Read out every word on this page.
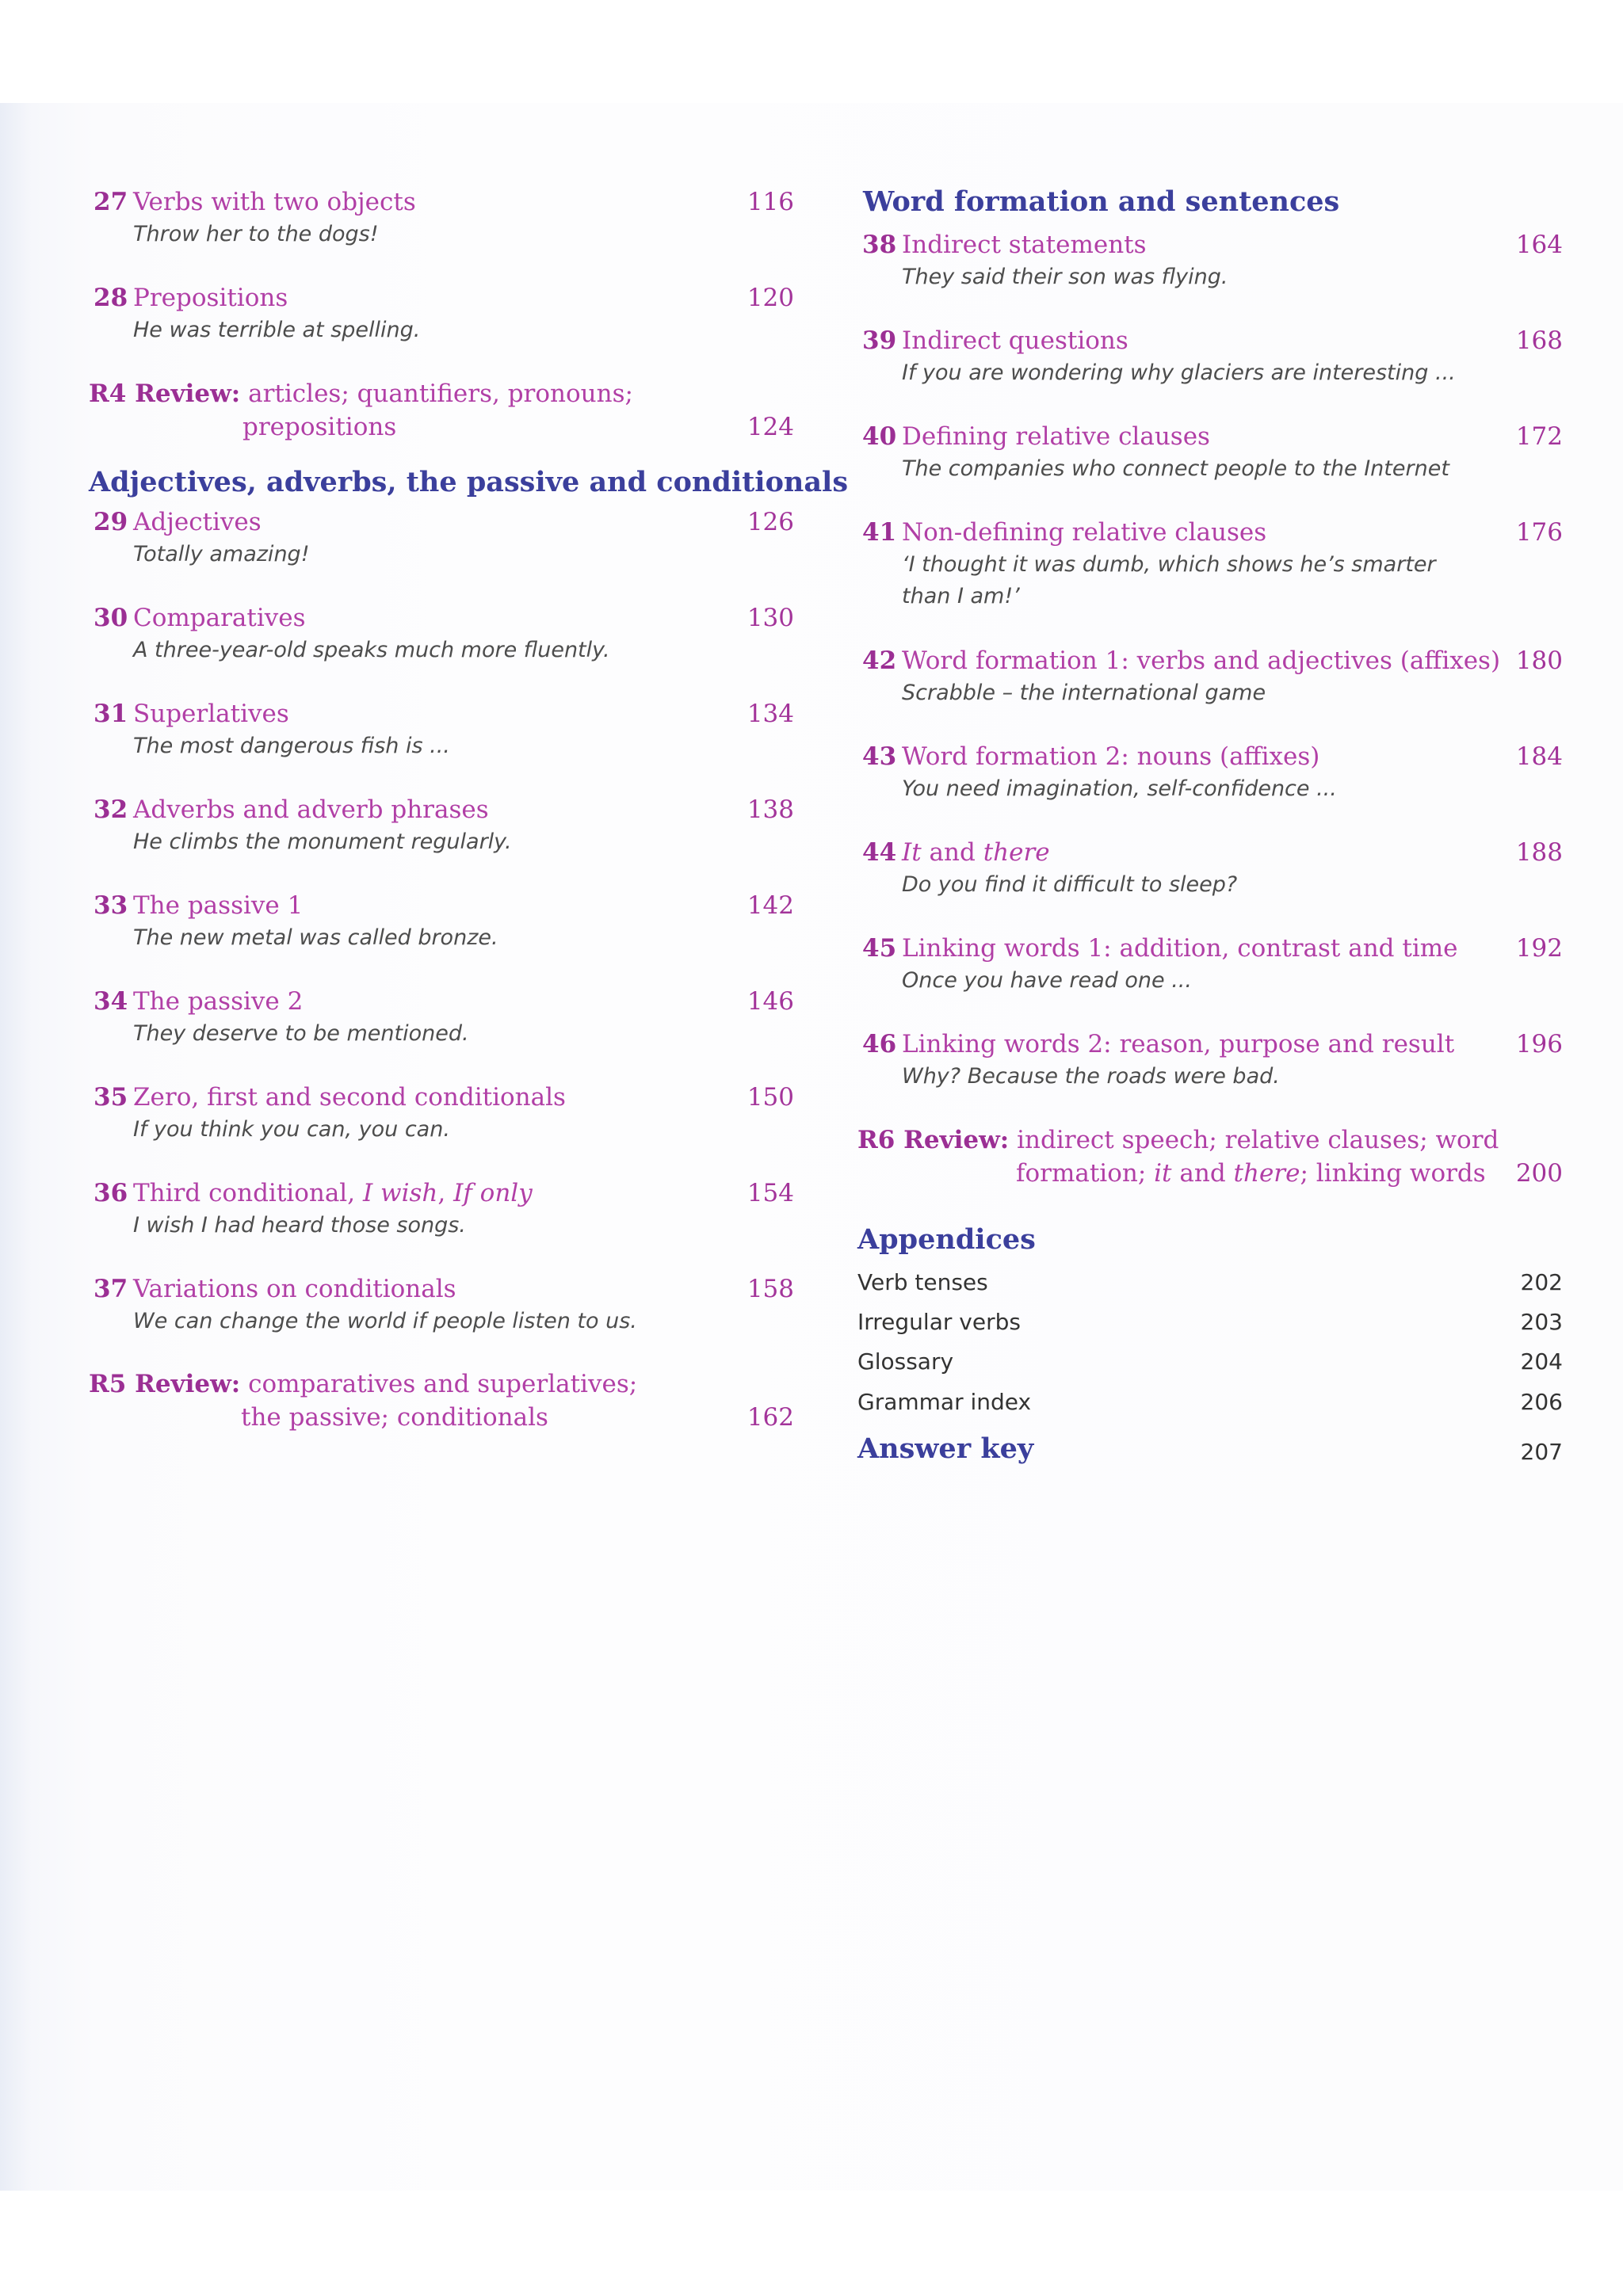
27 Verbs with two objects	116
Throw her to the dogs!
28 Prepositions	120
He was terrible at spelling.
R4 Review: articles; quantifiers, pronouns;
prepositions	124
Adjectives, adverbs, the passive and conditionals
29 Adjectives	126
Totally amazing!
30 Comparatives	130
A three-year-old speaks much more fluently.
31 Superlatives	134
The most dangerous fish is ...
32 Adverbs and adverb phrases	138
He climbs the monument regularly.
33 The passive 1	142
The new metal was called bronze.
34 The passive 2	146
They deserve to be mentioned.
35 Zero, first and second conditionals	150
If you think you can, you can.
36 Third conditional, I wish, If only	154
I wish I had heard those songs.
37 Variations on conditionals	158
We can change the world if people listen to us.
R5 Review: comparatives and superlatives;
the passive; conditionals	162
Word formation and sentences
38 Indirect statements	164
They said their son was flying.
39 Indirect questions	168
If you are wondering why glaciers are interesting ...
40 Defining relative clauses	172
The companies who connect people to the Internet
41 Non-defining relative clauses	176
‘I thought it was dumb, which shows he’s smarter
than I am!’
42 Word formation 1: verbs and adjectives (affixes) 180
Scrabble – the international game
43 Word formation 2: nouns (affixes)	184
You need imagination, self-confidence ...
44 It and there	188
Do you find it difficult to sleep?
45 Linking words 1: addition, contrast and time 192
Once you have read one ...
46 Linking words 2: reason, purpose and result	196
Why? Because the roads were bad.
R6 Review: indirect speech; relative clauses; word
formation; it and there; linking words 200
Appendices
Verb tenses	202
Irregular verbs	203
Glossary	204
Grammar index	206
Answer key	207
